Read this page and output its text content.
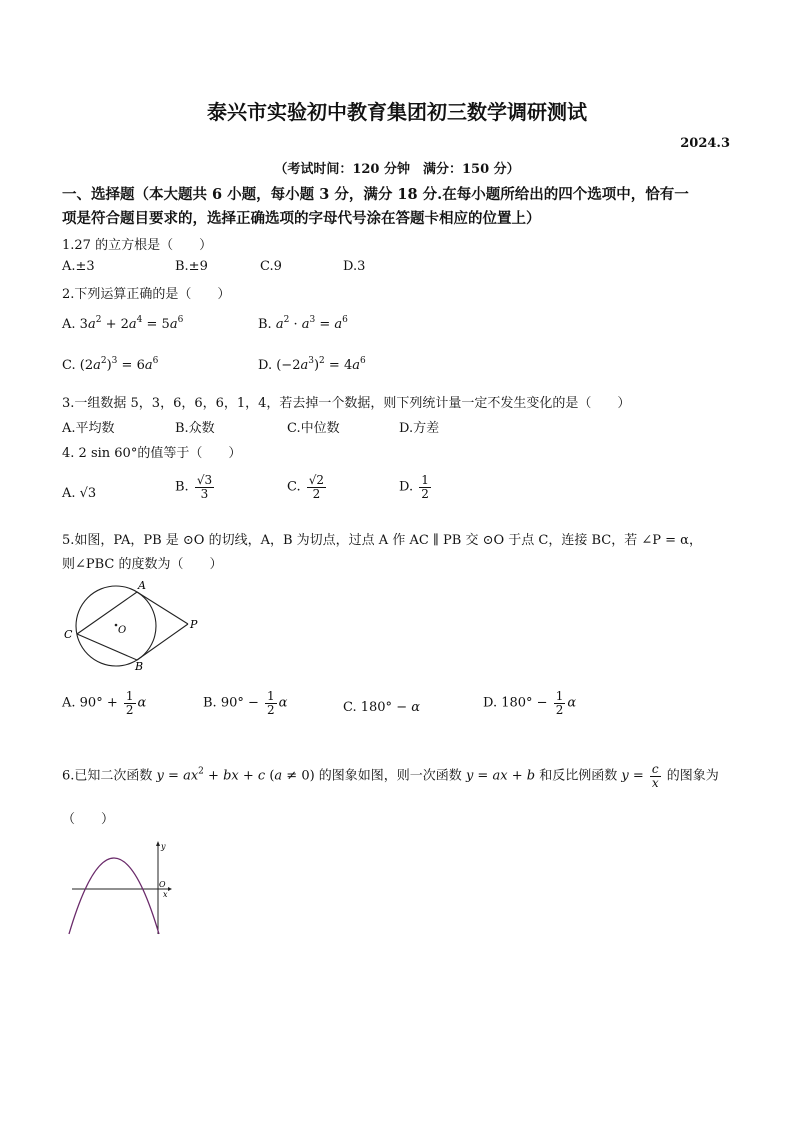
泰兴市实验初中教育集团初三数学调研测试
2024.3
（考试时间：120 分钟　满分：150 分）
一、选择题（本大题共 6 小题，每小题 3 分，满分 18 分.在每小题所给出的四个选项中，恰有一
项是符合题目要求的，选择正确选项的字母代号涂在答题卡相应的位置上）
1.27 的立方根是（　　）
A.±3	B.±9	C.9	D.3
2.下列运算正确的是（　　）
A. $3a^2 + 2a^4 = 5a^6$	B. $a^2 \cdot a^3 = a^6$
C. $(2a^2)^3 = 6a^6$	D. $(-2a^3)^2 = 4a^6$
3.一组数据 5，3，6，6，6，1，4，若去掉一个数据，则下列统计量一定不发生变化的是（　　）
A.平均数	B.众数	C.中位数	D.方差
4. 2 sin 60°的值等于（　　）
A. √3	B. $\frac{√3}{3}$	C. $\frac{√2}{2}$	D. $\frac{1}{2}$
5.如图，PA，PB 是 ⊙O 的切线，A，B 为切点，过点 A 作 AC ∥ PB 交 ⊙O 于点 C，连接 BC，若 ∠P = α，
则∠PBC 的度数为（　　）
A
B
C	O	P
A. $90^\circ + \frac{1}{2}$ α	B. $90^\circ - \frac{1}{2}$ α	C. 180° − α	D. $180^\circ - \frac{1}{2}$ α
6.已知二次函数 $y = ax^2$ + bx + c (a ≠ 0) 的图象如图，则一次函数 y = ax + b 和反比例函数 $y = \frac{c}{x}$ 的图象为
（　　）
y
O
x
